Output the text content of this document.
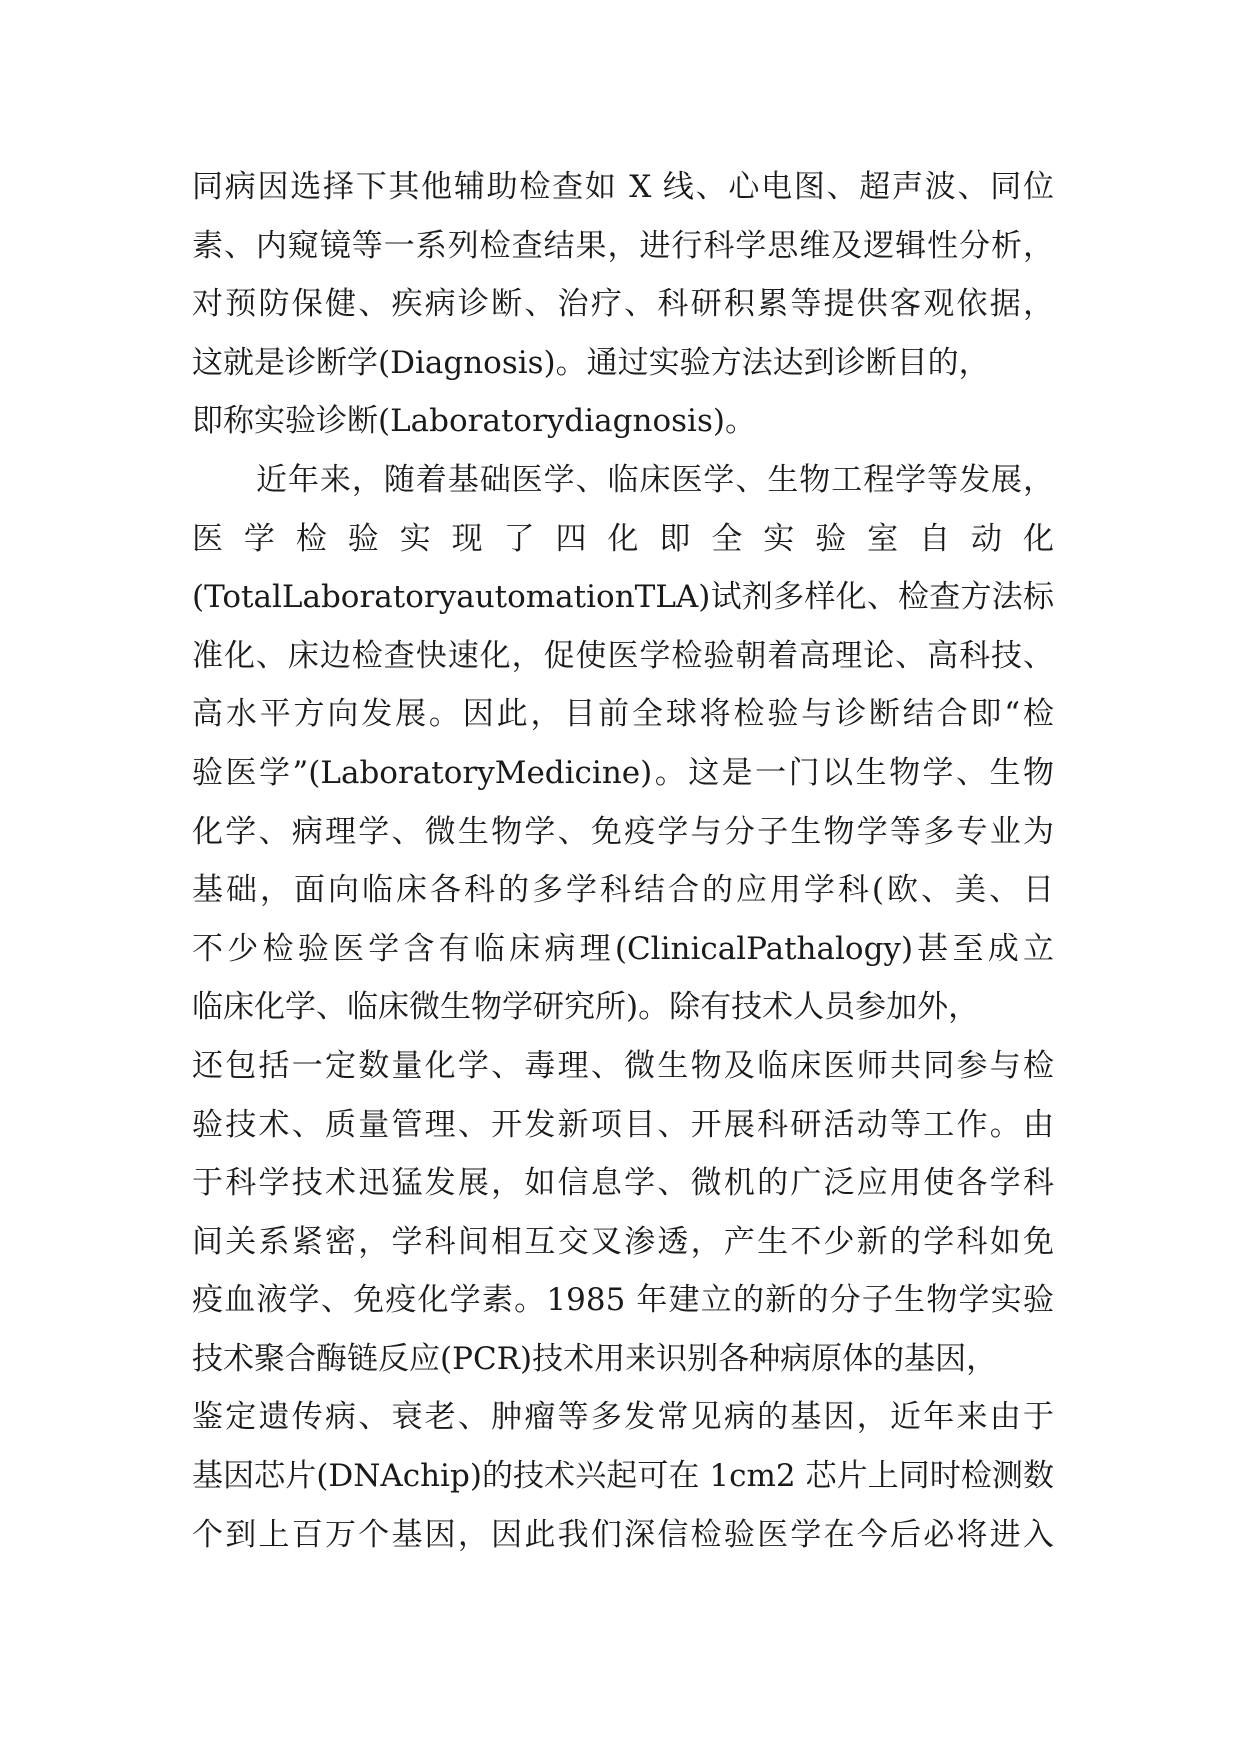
同病因选择下其他辅助检查如 X 线、心电图、超声波、同位
素、内窥镜等一系列检查结果，进行科学思维及逻辑性分析，
对预防保健、疾病诊断、治疗、科研积累等提供客观依据，
这就是诊断学(Diagnosis)。通过实验方法达到诊断目的，
即称实验诊断(Laboratorydiagnosis)。
近年来，随着基础医学、临床医学、生物工程学等发展，
医 学 检 验 实 现 了 四 化 即 全 实 验 室 自 动 化
(TotalLaboratoryautomationTLA)试剂多样化、检查方法标
准化、床边检查快速化，促使医学检验朝着高理论、高科技、
高水平方向发展。因此，目前全球将检验与诊断结合即“检
验医学”(LaboratoryMedicine)。这是一门以生物学、生物
化学、病理学、微生物学、免疫学与分子生物学等多专业为
基础，面向临床各科的多学科结合的应用学科(欧、美、日
不少检验医学含有临床病理(ClinicalPathalogy)甚至成立
临床化学、临床微生物学研究所)。除有技术人员参加外，
还包括一定数量化学、毒理、微生物及临床医师共同参与检
验技术、质量管理、开发新项目、开展科研活动等工作。由
于科学技术迅猛发展，如信息学、微机的广泛应用使各学科
间关系紧密，学科间相互交叉渗透，产生不少新的学科如免
疫血液学、免疫化学素。1985 年建立的新的分子生物学实验
技术聚合酶链反应(PCR)技术用来识别各种病原体的基因，
鉴定遗传病、衰老、肿瘤等多发常见病的基因，近年来由于
基因芯片(DNAchip)的技术兴起可在 1cm2 芯片上同时检测数
个到上百万个基因，因此我们深信检验医学在今后必将进入
